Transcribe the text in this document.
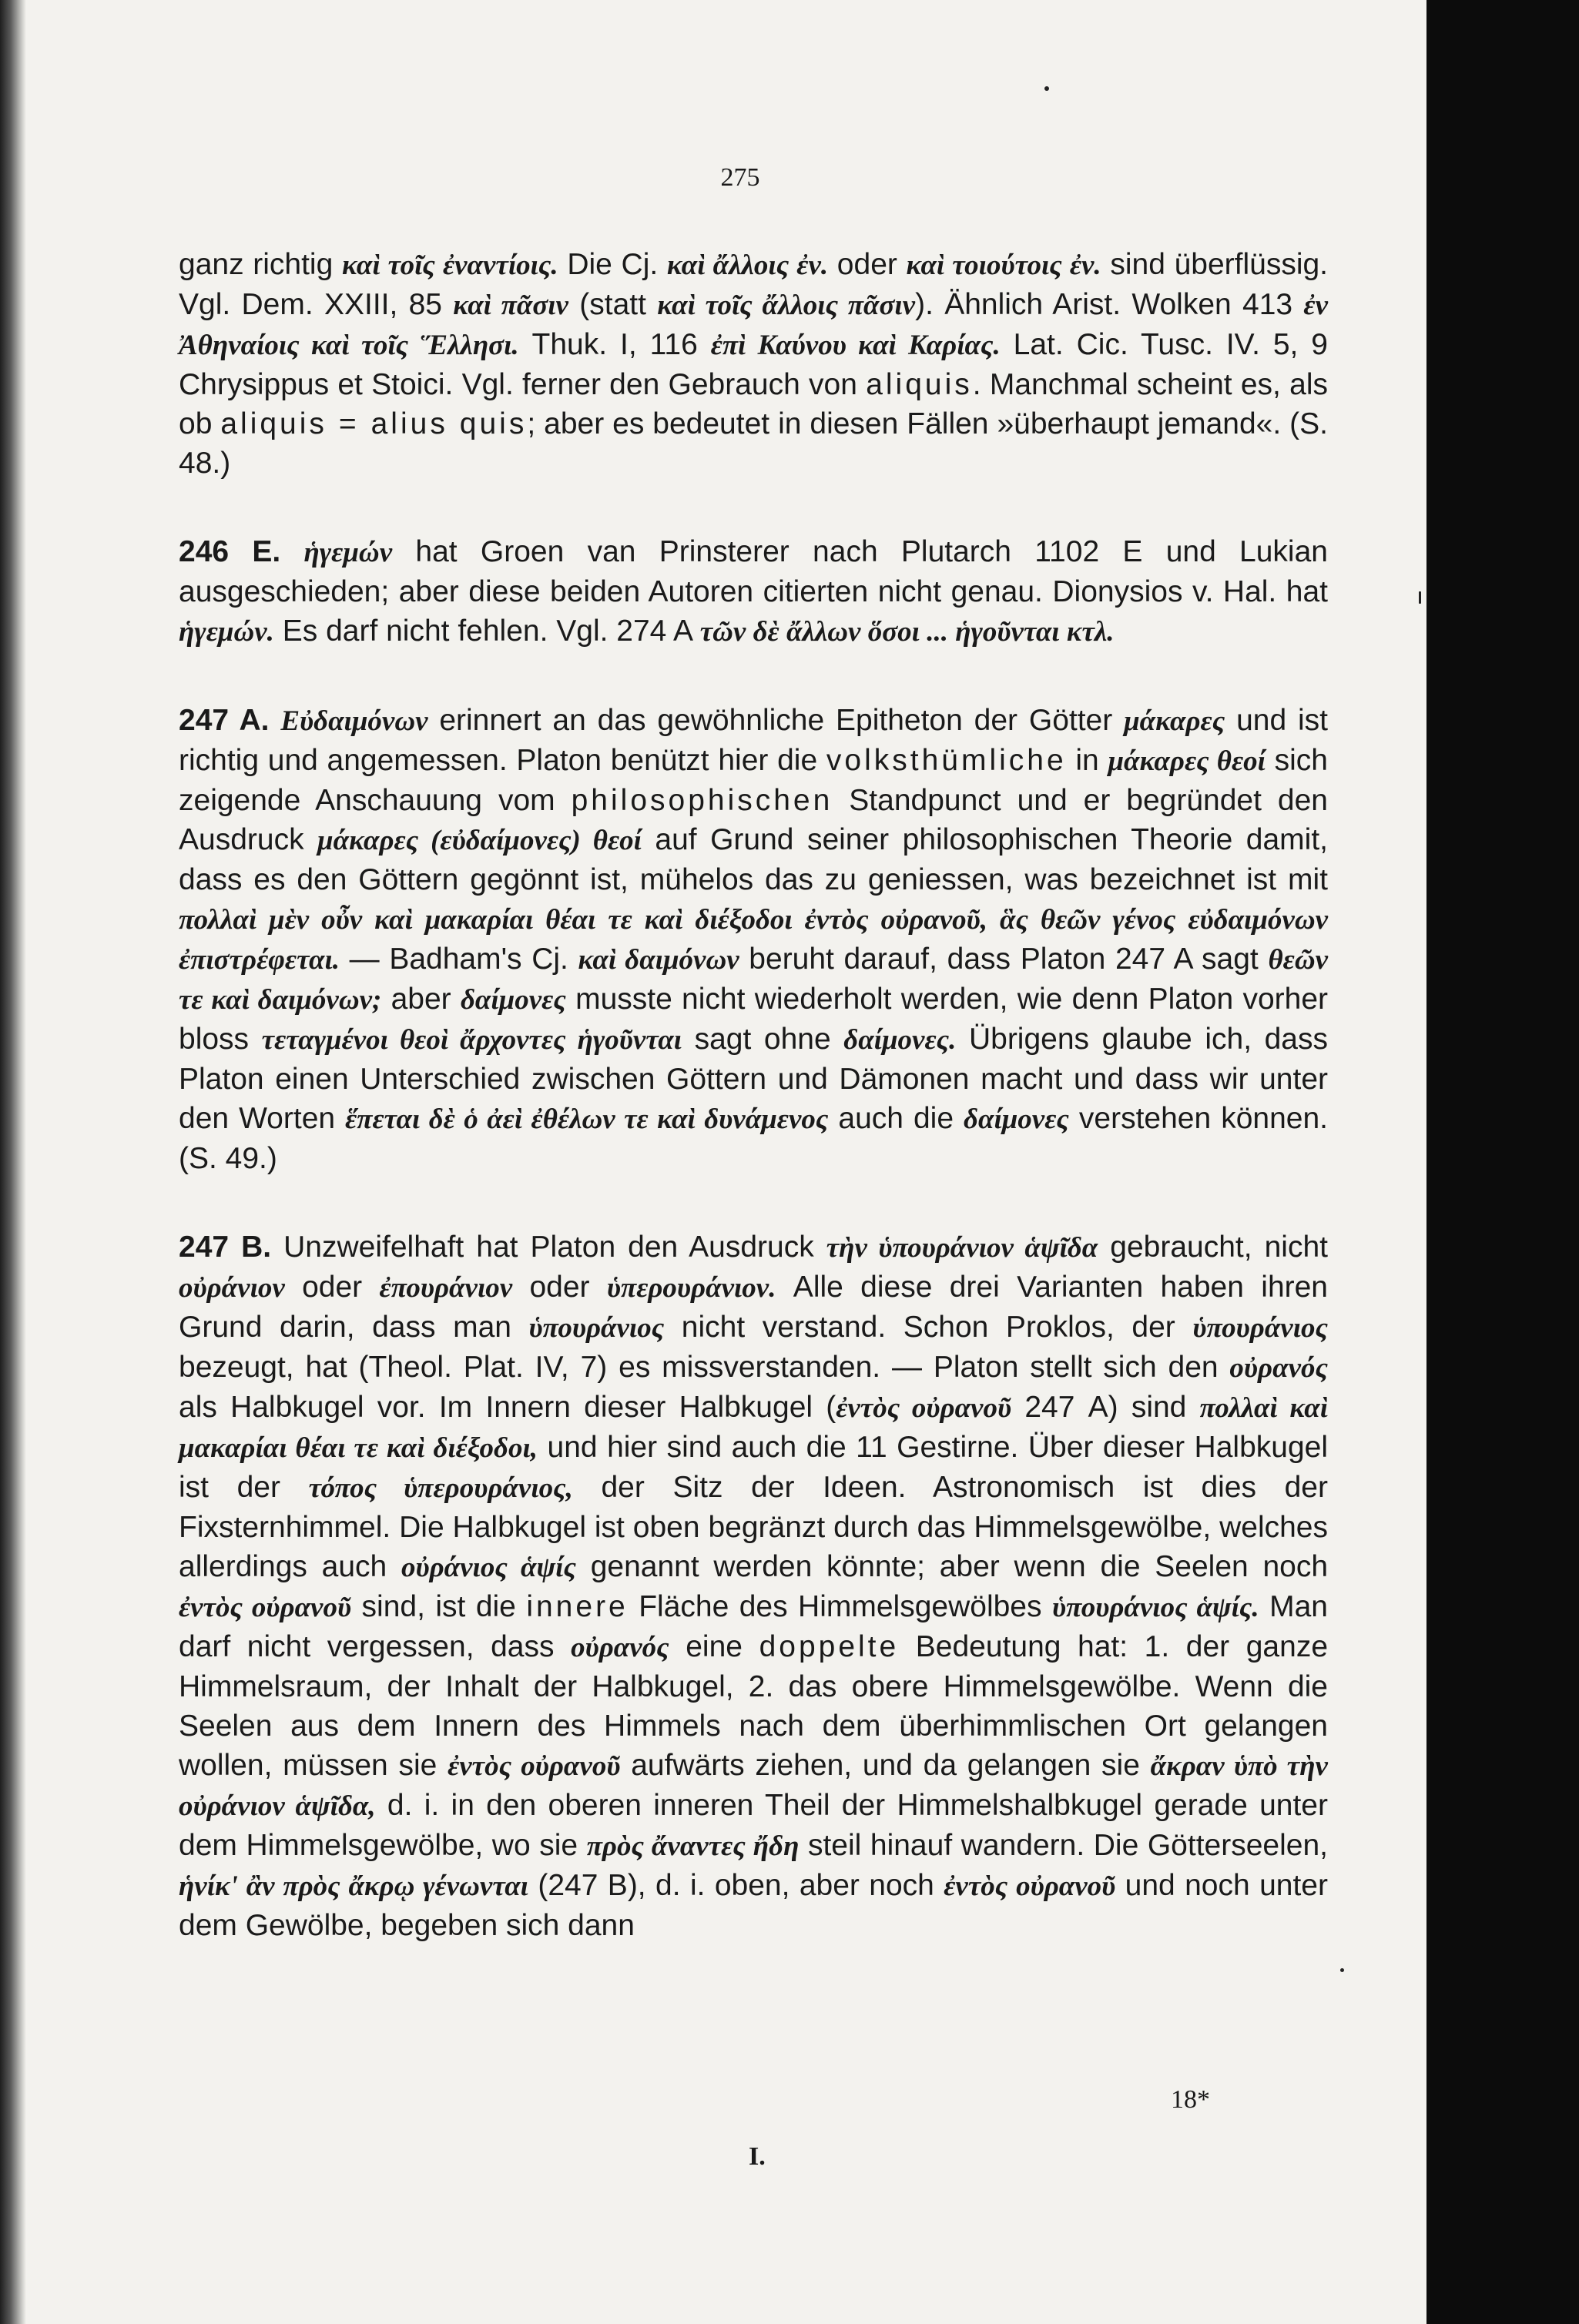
275

ganz richtig καὶ τοῖς ἐναντίοις. Die Cj. καὶ ἄλλοις ἐν. oder καὶ τοιούτοις ἐν. sind überflüssig. Vgl. Dem. XXIII, 85 καὶ πᾶσιν (statt καὶ τοῖς ἄλλοις πᾶσιν). Ähnlich Arist. Wolken 413 ἐν Ἀθηναίοις καὶ τοῖς Ἕλλησι. Thuk. I, 116 ἐπὶ Καύνου καὶ Καρίας. Lat. Cic. Tusc. IV. 5, 9 Chrysippus et Stoici. Vgl. ferner den Gebrauch von aliquis. Manchmal scheint es, als ob aliquis = alius quis; aber es bedeutet in diesen Fällen »überhaupt jemand«. (S. 48.)

246 E. ἡγεμών hat Groen van Prinsterer nach Plutarch 1102 E und Lukian ausgeschieden; aber diese beiden Autoren citierten nicht genau. Dionysios v. Hal. hat ἡγεμών. Es darf nicht fehlen. Vgl. 274 A τῶν δὲ ἄλλων ὅσοι ... ἡγοῦνται κτλ.

247 A. Εὐδαιμόνων erinnert an das gewöhnliche Epitheton der Götter μάκαρες und ist richtig und angemessen. Platon benützt hier die volksthümliche in μάκαρες θεοί sich zeigende Anschauung vom philosophischen Standpunct und er begründet den Ausdruck μάκαρες (εὐδαίμονες) θεοί auf Grund seiner philosophischen Theorie damit, dass es den Göttern gegönnt ist, mühelos das zu geniessen, was bezeichnet ist mit πολλαὶ μὲν οὖν καὶ μακαρίαι θέαι τε καὶ διέξοδοι ἐντὸς οὐρανοῦ, ἃς θεῶν γένος εὐδαιμόνων ἐπιστρέφεται. — Badham's Cj. καὶ δαιμόνων beruht darauf, dass Platon 247 A sagt θεῶν τε καὶ δαιμόνων; aber δαίμονες musste nicht wiederholt werden, wie denn Platon vorher bloss τεταγμένοι θεοὶ ἄρχοντες ἡγοῦνται sagt ohne δαίμονες. Übrigens glaube ich, dass Platon einen Unterschied zwischen Göttern und Dämonen macht und dass wir unter den Worten ἕπεται δὲ ὁ ἀεὶ ἐθέλων τε καὶ δυνάμενος auch die δαίμονες verstehen können. (S. 49.)

247 B. Unzweifelhaft hat Platon den Ausdruck τὴν ὑπουράνιον ἁψῖδα gebraucht, nicht οὐράνιον oder ἐπουράνιον oder ὑπερουράνιον. Alle diese drei Varianten haben ihren Grund darin, dass man ὑπουράνιος nicht verstand. Schon Proklos, der ὑπουράνιος bezeugt, hat (Theol. Plat. IV, 7) es missverstanden. — Platon stellt sich den οὐρανός als Halbkugel vor. Im Innern dieser Halbkugel (ἐντὸς οὐρανοῦ 247 A) sind πολλαὶ καὶ μακαρίαι θέαι τε καὶ διέξοδοι, und hier sind auch die 11 Gestirne. Über dieser Halbkugel ist der τόπος ὑπερουράνιος, der Sitz der Ideen. Astronomisch ist dies der Fixsternhimmel. Die Halbkugel ist oben begränzt durch das Himmelsgewölbe, welches allerdings auch οὐράνιος ἁψίς genannt werden könnte; aber wenn die Seelen noch ἐντὸς οὐρανοῦ sind, ist die innere Fläche des Himmelsgewölbes ὑπουράνιος ἁψίς. Man darf nicht vergessen, dass οὐρανός eine doppelte Bedeutung hat: 1. der ganze Himmelsraum, der Inhalt der Halbkugel, 2. das obere Himmelsgewölbe. Wenn die Seelen aus dem Innern des Himmels nach dem überhimmlischen Ort gelangen wollen, müssen sie ἐντὸς οὐρανοῦ aufwärts ziehen, und da gelangen sie ἄκραν ὑπὸ τὴν οὐράνιον ἁψῖδα, d. i. in den oberen inneren Theil der Himmelshalbkugel gerade unter dem Himmelsgewölbe, wo sie πρὸς ἄναντες ἤδη steil hinauf wandern. Die Götterseelen, ἡνίκ' ἂν πρὸς ἄκρῳ γένωνται (247 B), d. i. oben, aber noch ἐντὸς οὐρανοῦ und noch unter dem Gewölbe, begeben sich dann

18*
I.
